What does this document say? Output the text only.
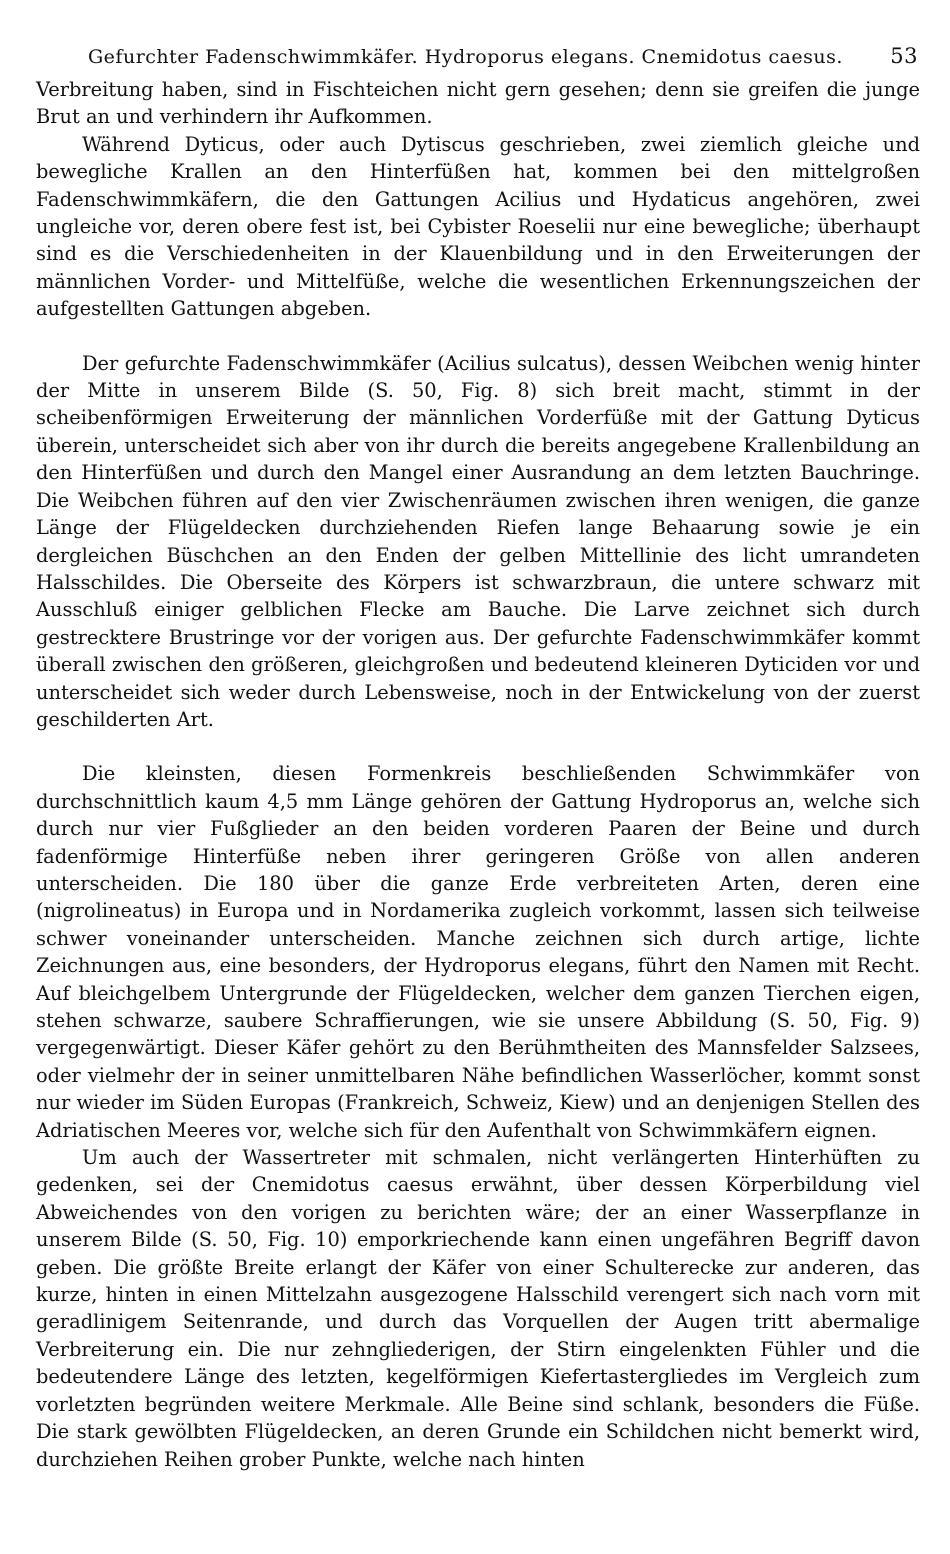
Gefurchter Fadenschwimmkäfer. Hydroporus elegans. Cnemidotus caesus. 53

Verbreitung haben, sind in Fischteichen nicht gern gesehen; denn sie greifen die junge Brut an und verhindern ihr Aufkommen.

Während Dyticus, oder auch Dytiscus geschrieben, zwei ziemlich gleiche und bewegliche Krallen an den Hinterfüßen hat, kommen bei den mittelgroßen Fadenschwimmkäfern, die den Gattungen Acilius und Hydaticus angehören, zwei ungleiche vor, deren obere fest ist, bei Cybister Roeselii nur eine bewegliche; überhaupt sind es die Verschiedenheiten in der Klauenbildung und in den Erweiterungen der männlichen Vorder- und Mittelfüße, welche die wesentlichen Erkennungszeichen der aufgestellten Gattungen abgeben.

Der gefurchte Fadenschwimmkäfer (Acilius sulcatus), dessen Weibchen wenig hinter der Mitte in unserem Bilde (S. 50, Fig. 8) sich breit macht, stimmt in der scheibenförmigen Erweiterung der männlichen Vorderfüße mit der Gattung Dyticus überein, unterscheidet sich aber von ihr durch die bereits angegebene Krallenbildung an den Hinterfüßen und durch den Mangel einer Ausrandung an dem letzten Bauchringe. Die Weibchen führen auf den vier Zwischenräumen zwischen ihren wenigen, die ganze Länge der Flügeldecken durchziehenden Riefen lange Behaarung sowie je ein dergleichen Büschchen an den Enden der gelben Mittellinie des licht umrandeten Halsschildes. Die Oberseite des Körpers ist schwarzbraun, die untere schwarz mit Ausschluß einiger gelblichen Flecke am Bauche. Die Larve zeichnet sich durch gestrecktere Brustringe vor der vorigen aus. Der gefurchte Fadenschwimmkäfer kommt überall zwischen den größeren, gleichgroßen und bedeutend kleineren Dyticiden vor und unterscheidet sich weder durch Lebensweise, noch in der Entwickelung von der zuerst geschilderten Art.

Die kleinsten, diesen Formenkreis beschließenden Schwimmkäfer von durchschnittlich kaum 4,5 mm Länge gehören der Gattung Hydroporus an, welche sich durch nur vier Fußglieder an den beiden vorderen Paaren der Beine und durch fadenförmige Hinterfüße neben ihrer geringeren Größe von allen anderen unterscheiden. Die 180 über die ganze Erde verbreiteten Arten, deren eine (nigrolineatus) in Europa und in Nordamerika zugleich vorkommt, lassen sich teilweise schwer voneinander unterscheiden. Manche zeichnen sich durch artige, lichte Zeichnungen aus, eine besonders, der Hydroporus elegans, führt den Namen mit Recht. Auf bleichgelbem Untergrunde der Flügeldecken, welcher dem ganzen Tierchen eigen, stehen schwarze, saubere Schraffierungen, wie sie unsere Abbildung (S. 50, Fig. 9) vergegenwärtigt. Dieser Käfer gehört zu den Berühmtheiten des Mannsfelder Salzsees, oder vielmehr der in seiner unmittelbaren Nähe befindlichen Wasserlöcher, kommt sonst nur wieder im Süden Europas (Frankreich, Schweiz, Kiew) und an denjenigen Stellen des Adriatischen Meeres vor, welche sich für den Aufenthalt von Schwimmkäfern eignen.

Um auch der Wassertreter mit schmalen, nicht verlängerten Hinterhüften zu gedenken, sei der Cnemidotus caesus erwähnt, über dessen Körperbildung viel Abweichendes von den vorigen zu berichten wäre; der an einer Wasserpflanze in unserem Bilde (S. 50, Fig. 10) emporkriechende kann einen ungefähren Begriff davon geben. Die größte Breite erlangt der Käfer von einer Schulterecke zur anderen, das kurze, hinten in einen Mittelzahn ausgezogene Halsschild verengert sich nach vorn mit geradlinigem Seitenrande, und durch das Vorquellen der Augen tritt abermalige Verbreiterung ein. Die nur zehngliederigen, der Stirn eingelenkten Fühler und die bedeutendere Länge des letzten, kegelförmigen Kiefertastergliedes im Vergleich zum vorletzten begründen weitere Merkmale. Alle Beine sind schlank, besonders die Füße. Die stark gewölbten Flügeldecken, an deren Grunde ein Schildchen nicht bemerkt wird, durchziehen Reihen grober Punkte, welche nach hinten
